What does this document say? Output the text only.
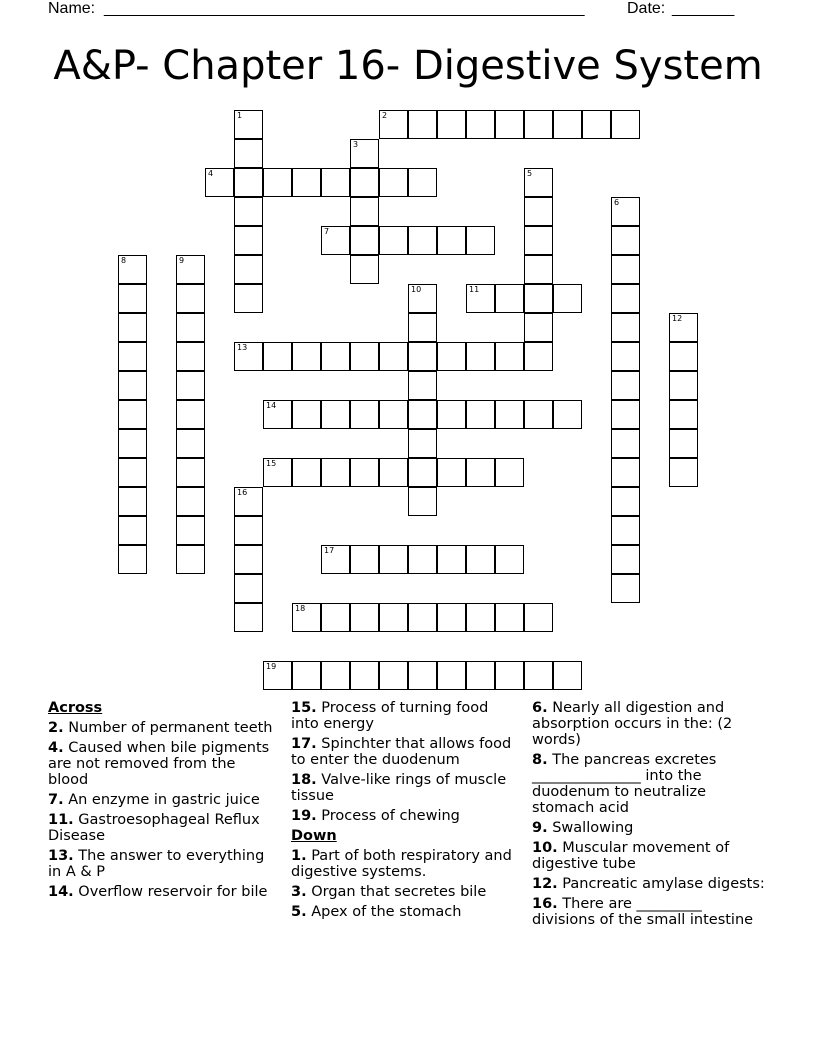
Name: ______________________________________________________	Date: _______
A&P- Chapter 16- Digestive System
1	2
3
4	5
6
7
8	9
10	11
12
13
14
15
16
17
18
19
Across
2. Number of permanent teeth
4. Caused when bile pigments are not removed from the blood
7. An enzyme in gastric juice
11. Gastroesophageal Reflux Disease
13. The answer to everything in A & P
14. Overflow reservoir for bile
15. Process of turning food into energy
17. Spinchter that allows food to enter the duodenum
18. Valve-like rings of muscle tissue
19. Process of chewing
Down
1. Part of both respiratory and digestive systems.
3. Organ that secretes bile
5. Apex of the stomach
6. Nearly all digestion and absorption occurs in the: (2 words)
8. The pancreas excretes _______________ into the duodenum to neutralize stomach acid
9. Swallowing
10. Muscular movement of digestive tube
12. Pancreatic amylase digests:
16. There are _________ divisions of the small intestine
